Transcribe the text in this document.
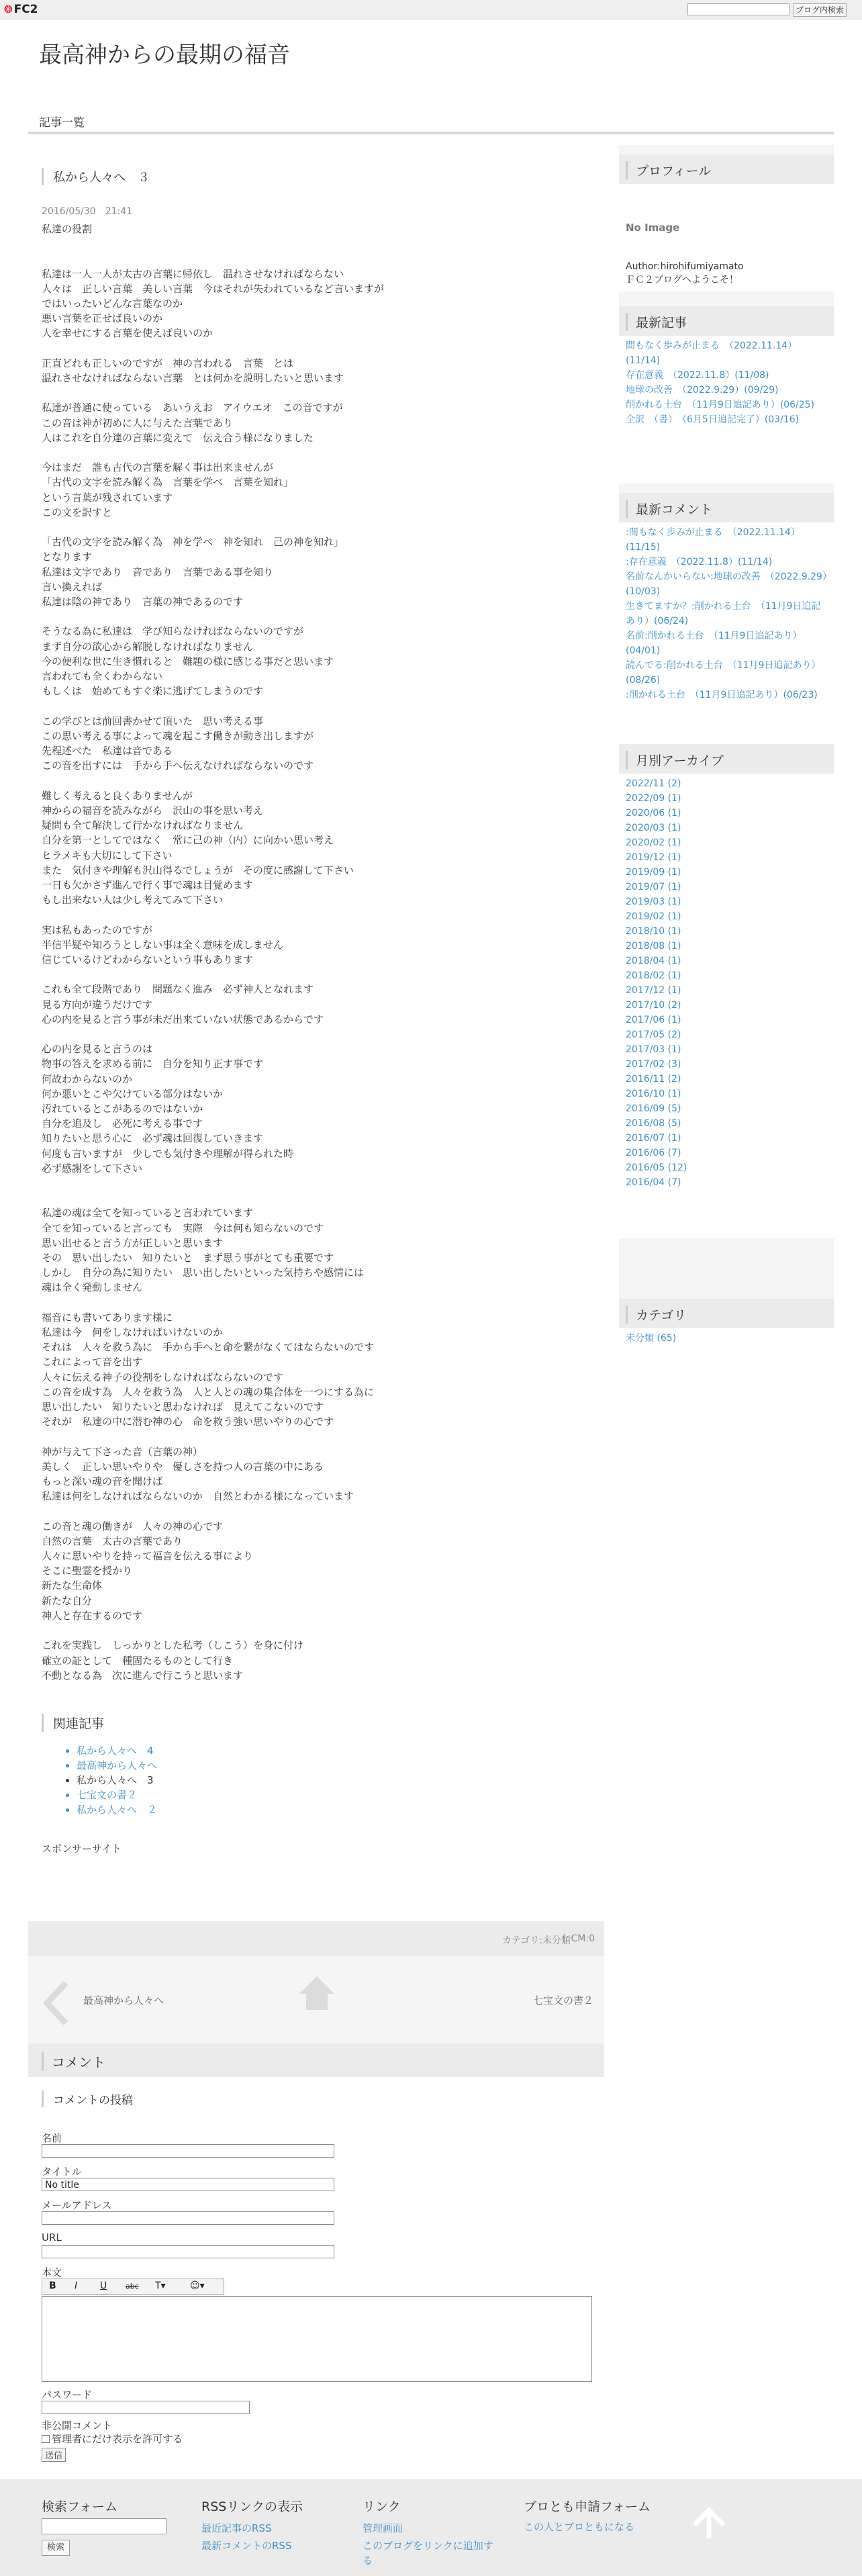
❂ FC2	ブログ内検索
最高神からの最期の福音
記事一覧
私から人々へ　３
2016/05/30　21:41
私達の役割

私達は一人一人が太古の言葉に帰依し　温れさせなければならない
人々は　正しい言葉　美しい言葉　今はそれが失われているなど言いますが
ではいったいどんな言葉なのか
悪い言葉を正せば良いのか
人を幸せにする言葉を使えば良いのか

正直どれも正しいのですが　神の言われる　言葉　とは
温れさせなければならない言葉　とは何かを説明したいと思います

私達が普通に使っている　あいうえお　アイウエオ　この音ですが
この音は神が初めに人に与えた言葉であり
人はこれを自分達の言葉に変えて　伝え合う様になりました

今はまだ　誰も古代の言葉を解く事は出来ませんが
「古代の文字を読み解く為　言葉を学べ　言葉を知れ」
という言葉が残されています
この文を訳すと

「古代の文字を読み解く為　神を学べ　神を知れ　己の神を知れ」
となります
私達は文字であり　音であり　言葉である事を知り
言い換えれば
私達は陰の神であり　言葉の神であるのです

そうなる為に私達は　学び知らなければならないのですが
まず自分の欲心から解脱しなければなりません
今の便利な世に生き慣れると　難題の様に感じる事だと思います
言われても全くわからない
もしくは　始めてもすぐ楽に逃げてしまうのです

この学びとは前回書かせて頂いた　思い考える事
この思い考える事によって魂を起こす働きが動き出しますが
先程述べた　私達は音である
この音を出すには　手から手へ伝えなければならないのです

難しく考えると良くありませんが
神からの福音を読みながら　沢山の事を思い考え
疑問も全て解決して行かなければなりません
自分を第一としてではなく　常に己の神（内）に向かい思い考え
ヒラメキも大切にして下さい
また　気付きや理解も沢山得るでしょうが　その度に感謝して下さい
一日も欠かさず進んで行く事で魂は目覚めます
もし出来ない人は少し考えてみて下さい

実は私もあったのですが
半信半疑や知ろうとしない事は全く意味を成しません
信じているけどわからないという事もあります

これも全て段階であり　問題なく進み　必ず神人となれます
見る方向が違うだけです
心の内を見ると言う事が未だ出来ていない状態であるからです

心の内を見ると言うのは
物事の答えを求める前に　自分を知り正す事です
何故わからないのか
何か悪いとこや欠けている部分はないか
汚れているとこがあるのではないか
自分を追及し　必死に考える事です
知りたいと思う心に　必ず魂は回復していきます
何度も言いますが　少しでも気付きや理解が得られた時
必ず感謝をして下さい

私達の魂は全てを知っていると言われています
全てを知っていると言っても　実際　今は何も知らないのです
思い出せると言う方が正しいと思います
その　思い出したい　知りたいと　まず思う事がとても重要です
しかし　自分の為に知りたい　思い出したいといった気持ちや感情には
魂は全く発動しません

福音にも書いてあります様に
私達は今　何をしなければいけないのか
それは　人々を救う為に　手から手へと命を繋がなくてはならないのです
これによって音を出す
人々に伝える神子の役割をしなければならないのです
この音を成す為　人々を救う為　人と人との魂の集合体を一つにする為に
思い出したい　知りたいと思わなければ　見えてこないのです
それが　私達の中に潜む神の心　命を救う強い思いやりの心です

神が与えて下さった音（言葉の神）
美しく　正しい思いやりや　優しさを持つ人の言葉の中にある
もっと深い魂の音を聞けば
私達は何をしなければならないのか　自然とわかる様になっています

この音と魂の働きが　人々の神の心です
自然の言葉　太古の言葉であり
人々に思いやりを持って福音を伝える事により
そこに聖霊を授かり
新たな生命体
新たな自分
神人と存在するのです

これを実践し　しっかりとした私考（しこう）を身に付け
確立の証として　種固たるものとして行き
不動となる為　次に進んで行こうと思います
関連記事
• 私から人々へ　4
• 最高神から人々へ
• 私から人々へ　3
• 七宝文の書２
• 私から人々へ　２
スポンサーサイト
カテゴリ:未分類 CM:0
最高神から人々へ	七宝文の書２
コメント
コメントの投稿
名前
タイトル
No title
メールアドレス
URL
本文
B I U	abc T▾	☺▾
パスワード
非公開コメント
管理者にだけ表示を許可する
送信
プロフィール
No Image
Author:hirohifumiyamato
ＦＣ２ブログへようこそ！
最新記事
間もなく歩みが止まる　（2022.11.14）(11/14)
存在意義　（2022.11.8）(11/08)
地球の改善　（2022.9.29）(09/29)
削かれる土台　（11月9日追記あり）(06/25)
全訳　（書）　（6月5日追記完了）(03/16)
最新コメント
:間もなく歩みが止まる　（2022.11.14）(11/15)
:存在意義　（2022.11.8）(11/14)
名前なんかいらない:地球の改善　（2022.9.29）(10/03)
生きてますか？:削かれる土台　（11月9日追記あり）(06/24)
名前:削かれる土台　（11月9日追記あり）(04/01)
読んでる:削かれる土台　（11月9日追記あり）(08/26)
:削かれる土台　（11月9日追記あり）(06/23)
月別アーカイブ
2022/11 (2)
2022/09 (1)
2020/06 (1)
2020/03 (1)
2020/02 (1)
2019/12 (1)
2019/09 (1)
2019/07 (1)
2019/03 (1)
2019/02 (1)
2018/10 (1)
2018/08 (1)
2018/04 (1)
2018/02 (1)
2017/12 (1)
2017/10 (2)
2017/06 (1)
2017/05 (2)
2017/03 (1)
2017/02 (3)
2016/11 (2)
2016/10 (1)
2016/09 (5)
2016/08 (5)
2016/07 (1)
2016/06 (7)
2016/05 (12)
2016/04 (7)
カテゴリ
未分類 (65)
検索フォーム
検索
RSSリンクの表示
最近記事のRSS
最新コメントのRSS
リンク
管理画面
このブログをリンクに追加する
ブロとも申請フォーム
この人とブロともになる
